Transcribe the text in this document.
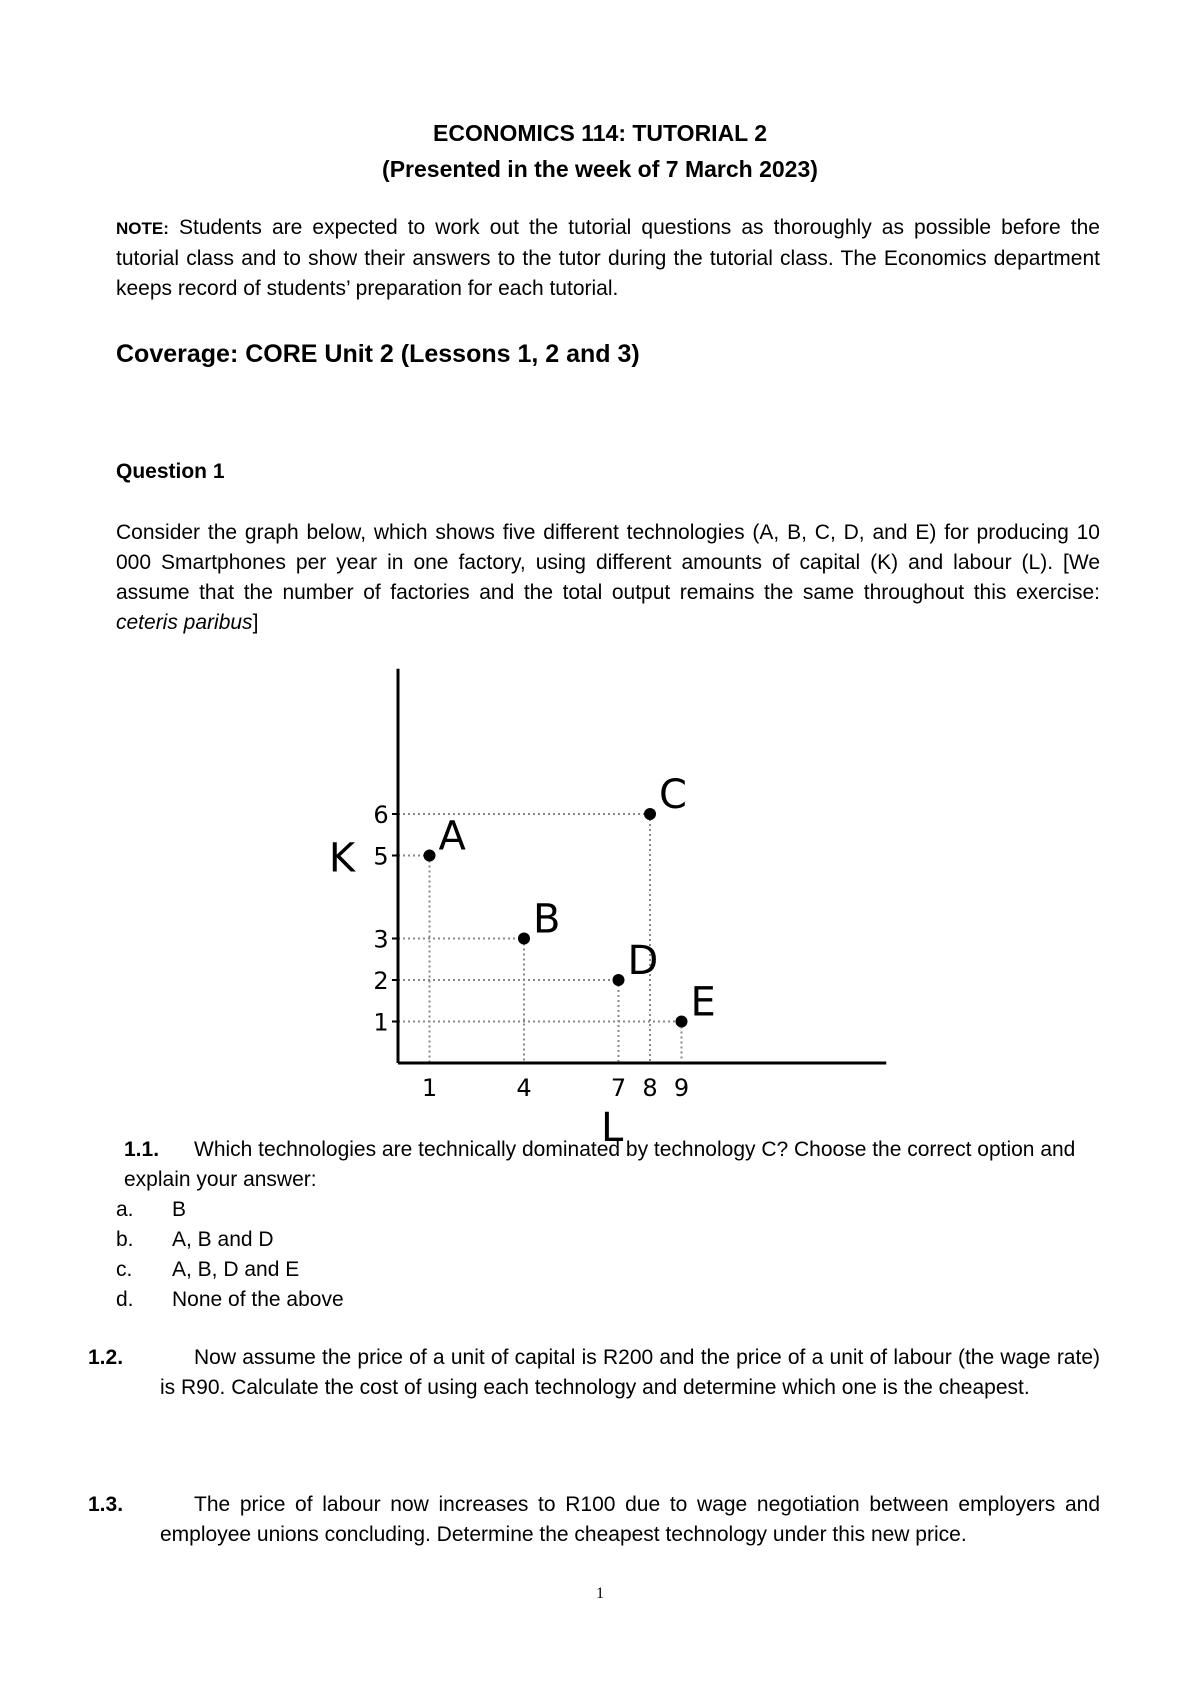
ECONOMICS 114: TUTORIAL 2
(Presented in the week of 7 March 2023)
NOTE: Students are expected to work out the tutorial questions as thoroughly as possible before the tutorial class and to show their answers to the tutor during the tutorial class. The Economics department keeps record of students’ preparation for each tutorial.
Coverage: CORE Unit 2 (Lessons 1, 2 and 3)
Question 1
Consider the graph below, which shows five different technologies (A, B, C, D, and E) for producing 10 000 Smartphones per year in one factory, using different amounts of capital (K) and labour (L). [We assume that the number of factories and the total output remains the same throughout this exercise: ceteris paribus]
1
2
3
5
6
1	4	7 8 9
A
B
C
D
E
K
L
1.1. Which technologies are technically dominated by technology C? Choose the correct option and explain your answer:
a. B
b. A, B and D
c. A, B, D and E
d. None of the above
1.2.	Now assume the price of a unit of capital is R200 and the price of a unit of labour (the wage rate) is R90. Calculate the cost of using each technology and determine which one is the cheapest.
1.3.	The price of labour now increases to R100 due to wage negotiation between employers and employee unions concluding. Determine the cheapest technology under this new price.
1
